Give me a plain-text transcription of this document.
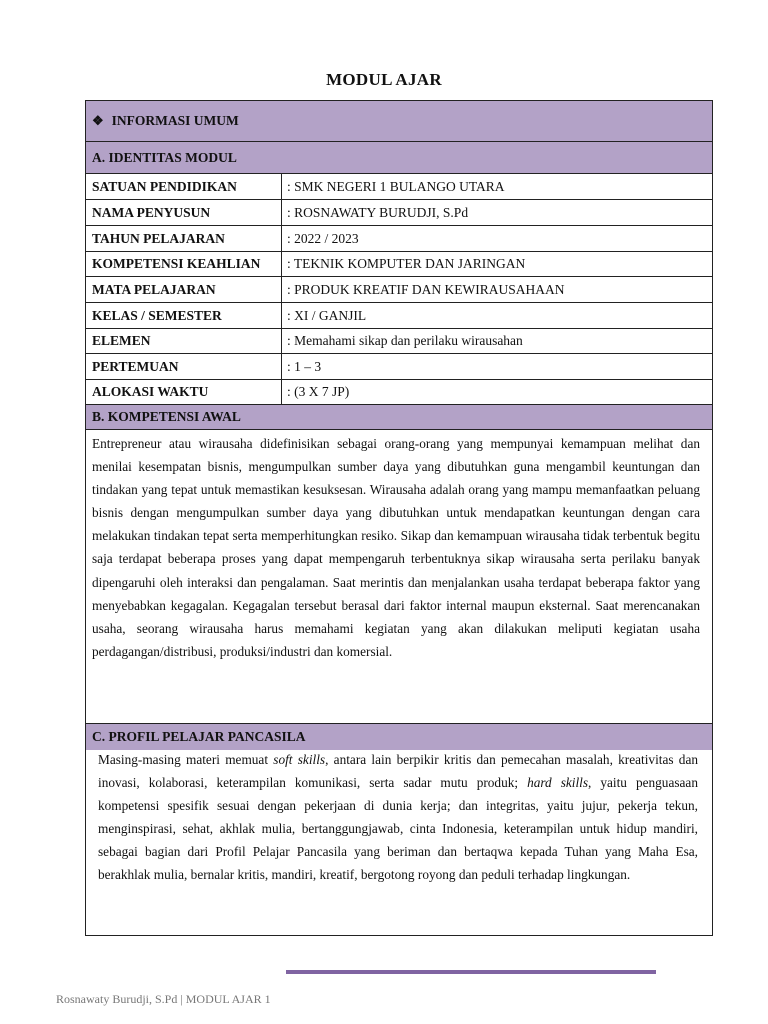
MODUL AJAR
❖ INFORMASI UMUM
A. IDENTITAS MODUL
SATUAN PENDIDIKAN	: SMK NEGERI 1 BULANGO UTARA
NAMA PENYUSUN	: ROSNAWATY BURUDJI, S.Pd
TAHUN PELAJARAN	: 2022 / 2023
KOMPETENSI KEAHLIAN	: TEKNIK KOMPUTER DAN JARINGAN
MATA PELAJARAN	: PRODUK KREATIF DAN KEWIRAUSAHAAN
KELAS / SEMESTER	: XI / GANJIL
ELEMEN	: Memahami sikap dan perilaku wirausahan
PERTEMUAN	: 1 – 3
ALOKASI WAKTU	: (3 X 7 JP)
B. KOMPETENSI AWAL
Entrepreneur atau wirausaha didefinisikan sebagai orang-orang yang mempunyai kemampuan melihat dan menilai kesempatan bisnis, mengumpulkan sumber daya yang dibutuhkan guna mengambil keuntungan dan tindakan yang tepat untuk memastikan kesuksesan. Wirausaha adalah orang yang mampu memanfaatkan peluang bisnis dengan mengumpulkan sumber daya yang dibutuhkan untuk mendapatkan keuntungan dengan cara melakukan tindakan tepat serta memperhitungkan resiko. Sikap dan kemampuan wirausaha tidak terbentuk begitu saja terdapat beberapa proses yang dapat mempengaruh terbentuknya sikap wirausaha serta perilaku banyak dipengaruhi oleh interaksi dan pengalaman. Saat merintis dan menjalankan usaha terdapat beberapa faktor yang menyebabkan kegagalan. Kegagalan tersebut berasal dari faktor internal maupun eksternal. Saat merencanakan usaha, seorang wirausaha harus memahami kegiatan yang akan dilakukan meliputi kegiatan usaha perdagangan/distribusi, produksi/industri dan komersial.
C. PROFIL PELAJAR PANCASILA
Masing-masing materi memuat soft skills, antara lain berpikir kritis dan pemecahan masalah, kreativitas dan inovasi, kolaborasi, keterampilan komunikasi, serta sadar mutu produk; hard skills, yaitu penguasaan kompetensi spesifik sesuai dengan pekerjaan di dunia kerja; dan integritas, yaitu jujur, pekerja tekun, menginspirasi, sehat, akhlak mulia, bertanggungjawab, cinta Indonesia, keterampilan untuk hidup mandiri, sebagai bagian dari Profil Pelajar Pancasila yang beriman dan bertaqwa kepada Tuhan yang Maha Esa, berakhlak mulia, bernalar kritis, mandiri, kreatif, bergotong royong dan peduli terhadap lingkungan.
Rosnawaty Burudji, S.Pd | MODUL AJAR 1
